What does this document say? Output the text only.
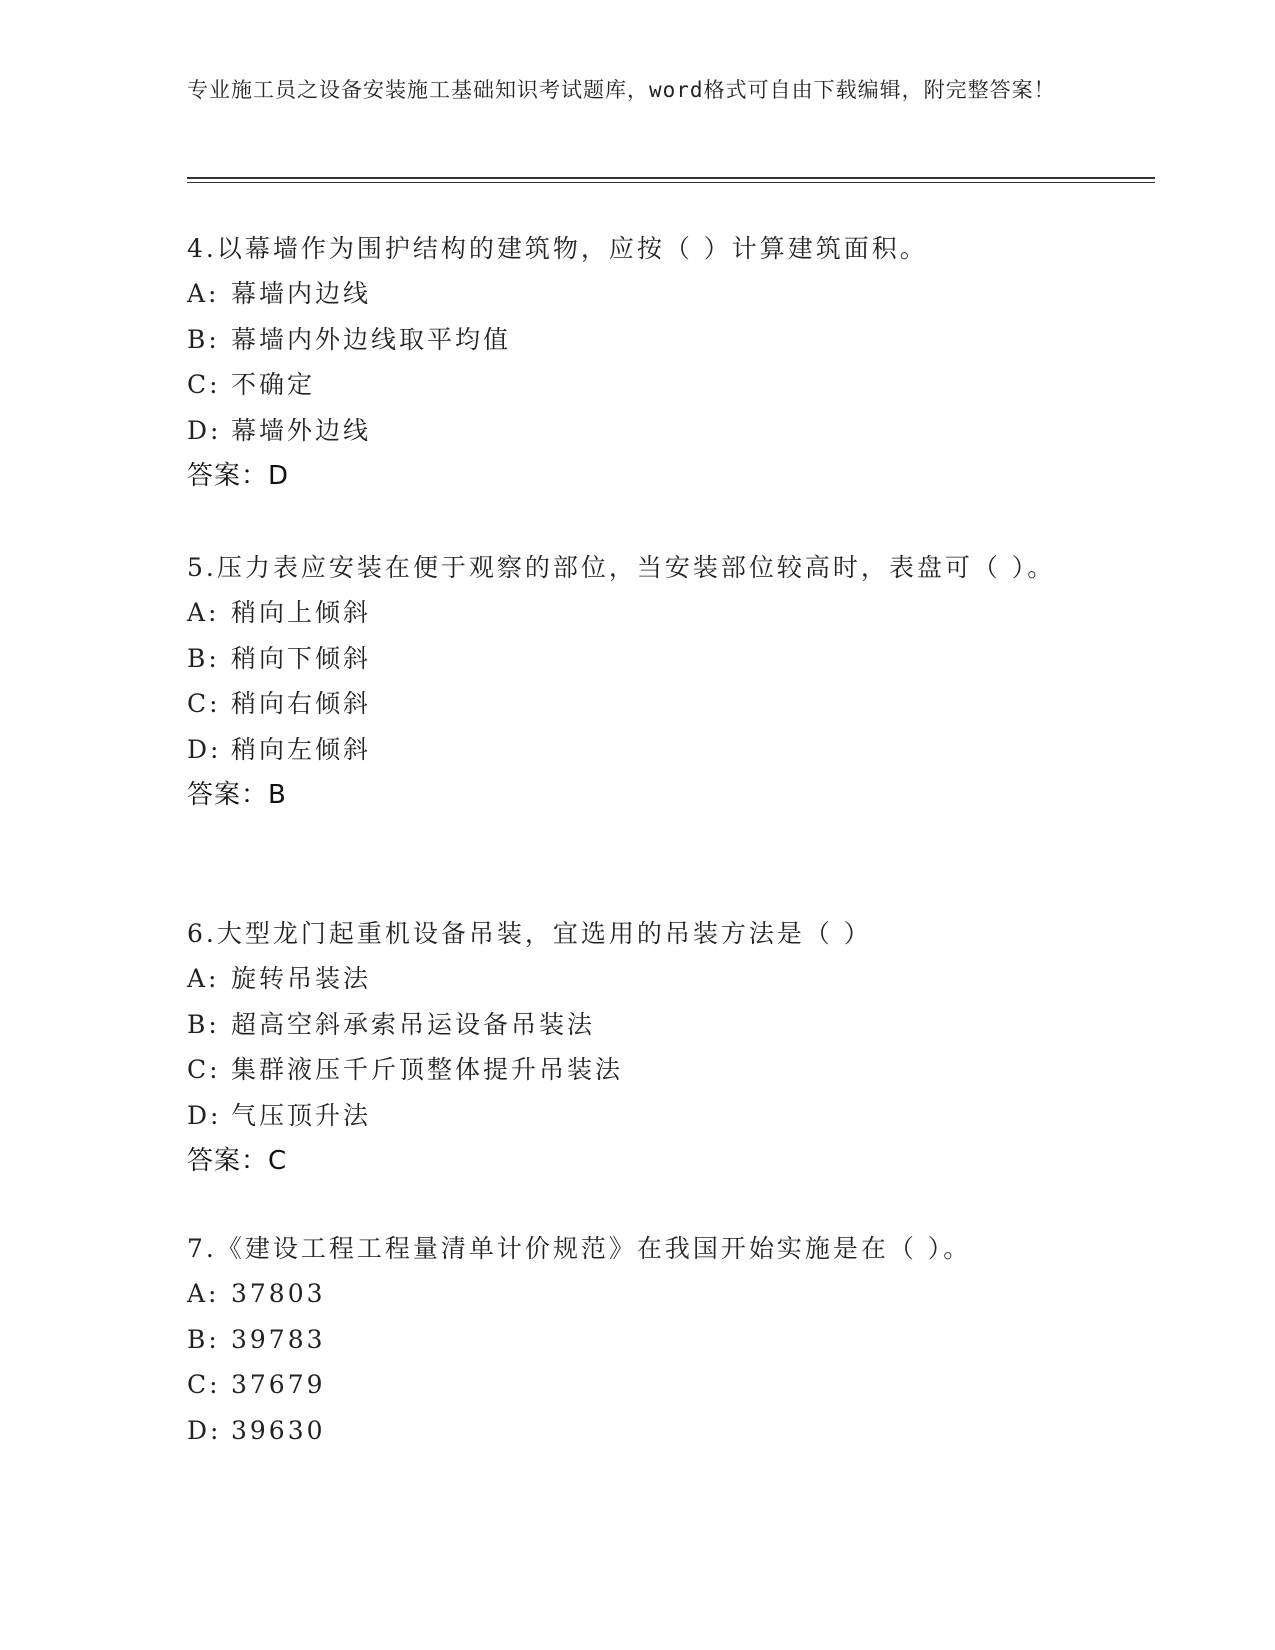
专业施工员之设备安装施工基础知识考试题库，word格式可自由下载编辑，附完整答案！

4.以幕墙作为围护结构的建筑物，应按（ ）计算建筑面积。

A: 幕墙内边线

B: 幕墙内外边线取平均值

C: 不确定

D: 幕墙外边线

答案：D

5.压力表应安装在便于观察的部位，当安装部位较高时，表盘可（ ）。

A: 稍向上倾斜

B: 稍向下倾斜

C: 稍向右倾斜

D: 稍向左倾斜

答案：B

6.大型龙门起重机设备吊装，宜选用的吊装方法是（ ）

A: 旋转吊装法

B: 超高空斜承索吊运设备吊装法

C: 集群液压千斤顶整体提升吊装法

D: 气压顶升法

答案：C

7.《建设工程工程量清单计价规范》在我国开始实施是在（ ）。

A: 37803

B: 39783

C: 37679

D: 39630
